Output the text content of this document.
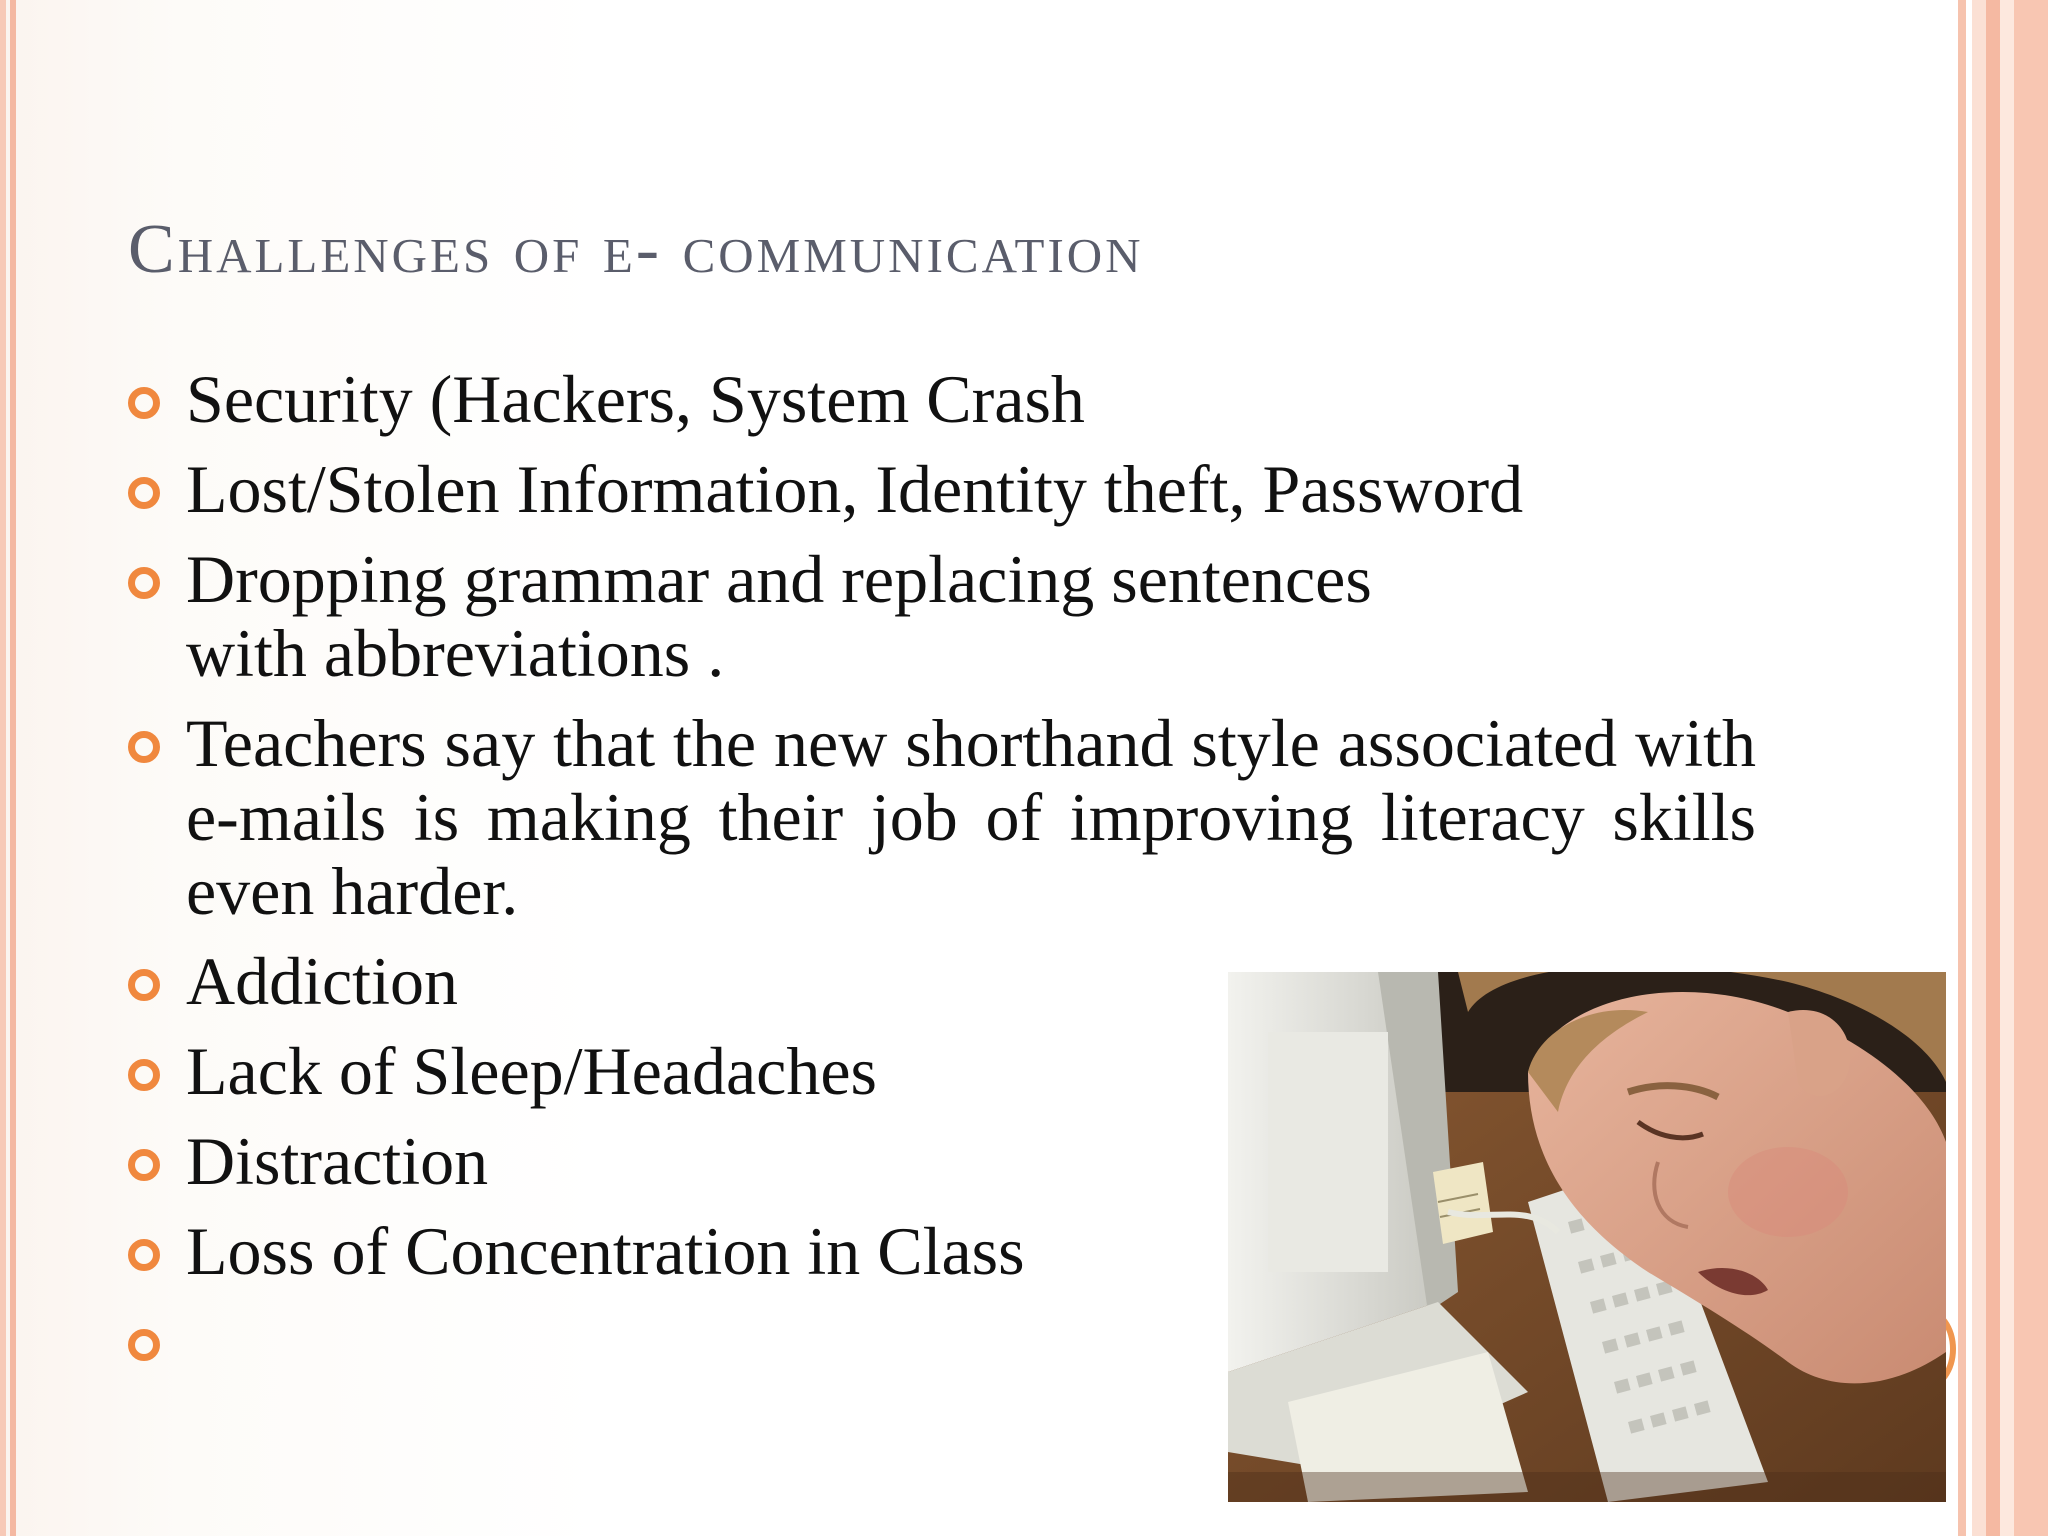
Challenges of e- communication
Security (Hackers, System Crash
Lost/Stolen Information, Identity theft, Password
Dropping grammar and replacing sentences with abbreviations .
Teachers say that the new shorthand style associated with e-mails is making their job of improving literacy skills even harder.
Addiction
Lack of Sleep/Headaches
Distraction
Loss of Concentration in Class
